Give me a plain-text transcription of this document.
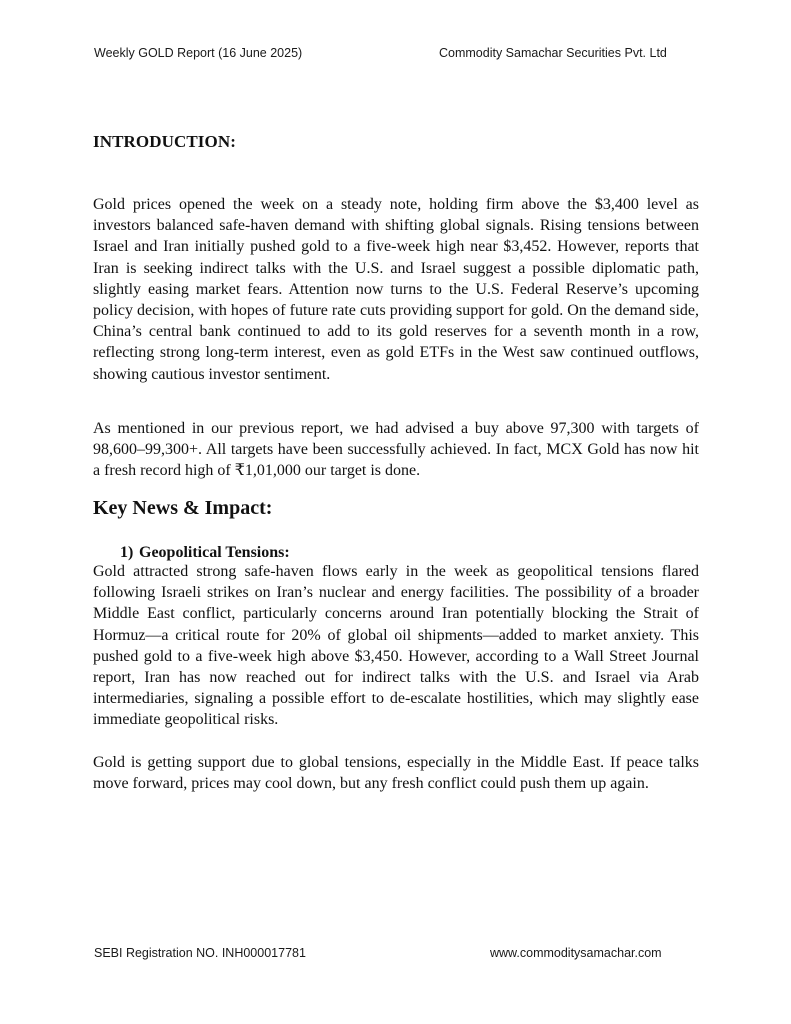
Weekly GOLD Report (16 June 2025)	Commodity Samachar Securities Pvt. Ltd
INTRODUCTION:

Gold prices opened the week on a steady note, holding firm above the $3,400 level as investors balanced safe-haven demand with shifting global signals. Rising tensions between Israel and Iran initially pushed gold to a five-week high near $3,452. However, reports that Iran is seeking indirect talks with the U.S. and Israel suggest a possible diplomatic path, slightly easing market fears. Attention now turns to the U.S. Federal Reserve’s upcoming policy decision, with hopes of future rate cuts providing support for gold. On the demand side, China’s central bank continued to add to its gold reserves for a seventh month in a row, reflecting strong long-term interest, even as gold ETFs in the West saw continued outflows, showing cautious investor sentiment.

As mentioned in our previous report, we had advised a buy above 97,300 with targets of 98,600–99,300+. All targets have been successfully achieved. In fact, MCX Gold has now hit a fresh record high of ₹1,01,000 our target is done.

Key News & Impact:
1) Geopolitical Tensions:

Gold attracted strong safe-haven flows early in the week as geopolitical tensions flared following Israeli strikes on Iran’s nuclear and energy facilities. The possibility of a broader Middle East conflict, particularly concerns around Iran potentially blocking the Strait of Hormuz—a critical route for 20% of global oil shipments—added to market anxiety. This pushed gold to a five-week high above $3,450. However, according to a Wall Street Journal report, Iran has now reached out for indirect talks with the U.S. and Israel via Arab intermediaries, signaling a possible effort to de-escalate hostilities, which may slightly ease immediate geopolitical risks.

Gold is getting support due to global tensions, especially in the Middle East. If peace talks move forward, prices may cool down, but any fresh conflict could push them up again.

SEBI Registration NO. INH000017781	www.commoditysamachar.com
